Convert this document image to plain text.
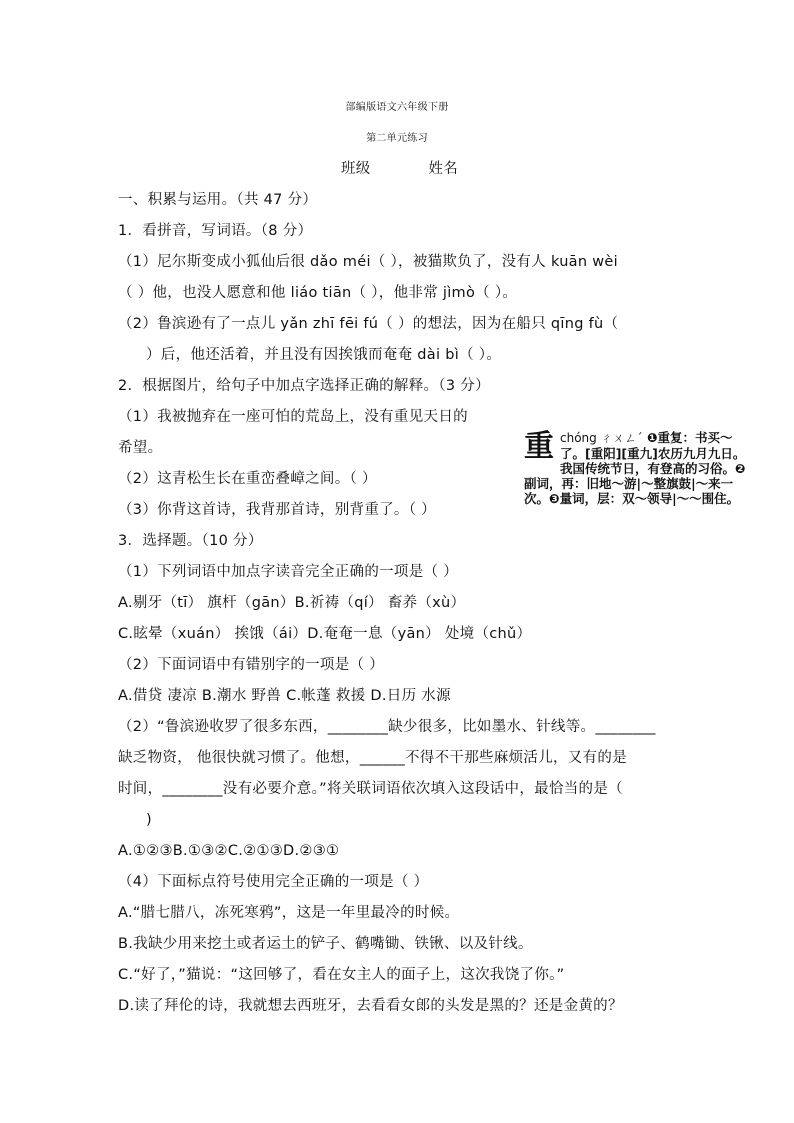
部编版语文六年级下册
第二单元练习
班级	姓名
一、积累与运用。（共 47 分）
1．看拼音，写词语。（8 分）
（1）尼尔斯变成小狐仙后很 dǎo méi（ ），被猫欺负了，没有人 kuān wèi
（ ）他，也没人愿意和他 liáo tiān（ ），他非常 jìmò（ ）。
（2）鲁滨逊有了一点儿 yǎn zhī fēi fú（ ）的想法，因为在船只 qīng fù（
）后，他还活着，并且没有因挨饿而奄奄 dài bì（ ）。
2．根据图片，给句子中加点字选择正确的解释。（3 分）
（1）我被抛弃在一座可怕的荒岛上，没有重见天日的
希望。
（2）这青松生长在重峦叠嶂之间。（ ）
（3）你背这首诗，我背那首诗，别背重了。（ ）
重 chóng ㄔㄨㄥˊ ❶重复：书买～了。[重阳][重九]农历九月九日。我国传统节日，有登高的习俗。❷副词，再：旧地～游|～整旗鼓|～来一次。❸量词，层：双～领导|～～围住。
3．选择题。（10 分）
（1）下列词语中加点字读音完全正确的一项是（ ）
A.剔牙（tī） 旗杆（gān）B.祈祷（qí） 畜养（xù）
C.眩晕（xuán） 挨饿（ái）D.奄奄一息（yān） 处境（chǔ）
（2）下面词语中有错别字的一项是（ ）
A.借贷 凄凉 B.潮水 野兽 C.帐蓬 救援 D.日历 水源
（2）“鲁滨逊收罗了很多东西，________缺少很多，比如墨水、针线等。________
缺乏物资， 他很快就习惯了。他想，______不得不干那些麻烦活儿，又有的是
时间，________没有必要介意。”将关联词语依次填入这段话中，最恰当的是（
)
A.①②③B.①③②C.②①③D.②③①
（4）下面标点符号使用完全正确的一项是（ ）
A.“腊七腊八，冻死寒鸦”，这是一年里最冷的时候。
B.我缺少用来挖土或者运土的铲子、鹤嘴锄、铁锹、以及针线。
C.“好了，”猫说：“这回够了，看在女主人的面子上，这次我饶了你。”
D.读了拜伦的诗，我就想去西班牙，去看看女郎的头发是黑的？还是金黄的？
